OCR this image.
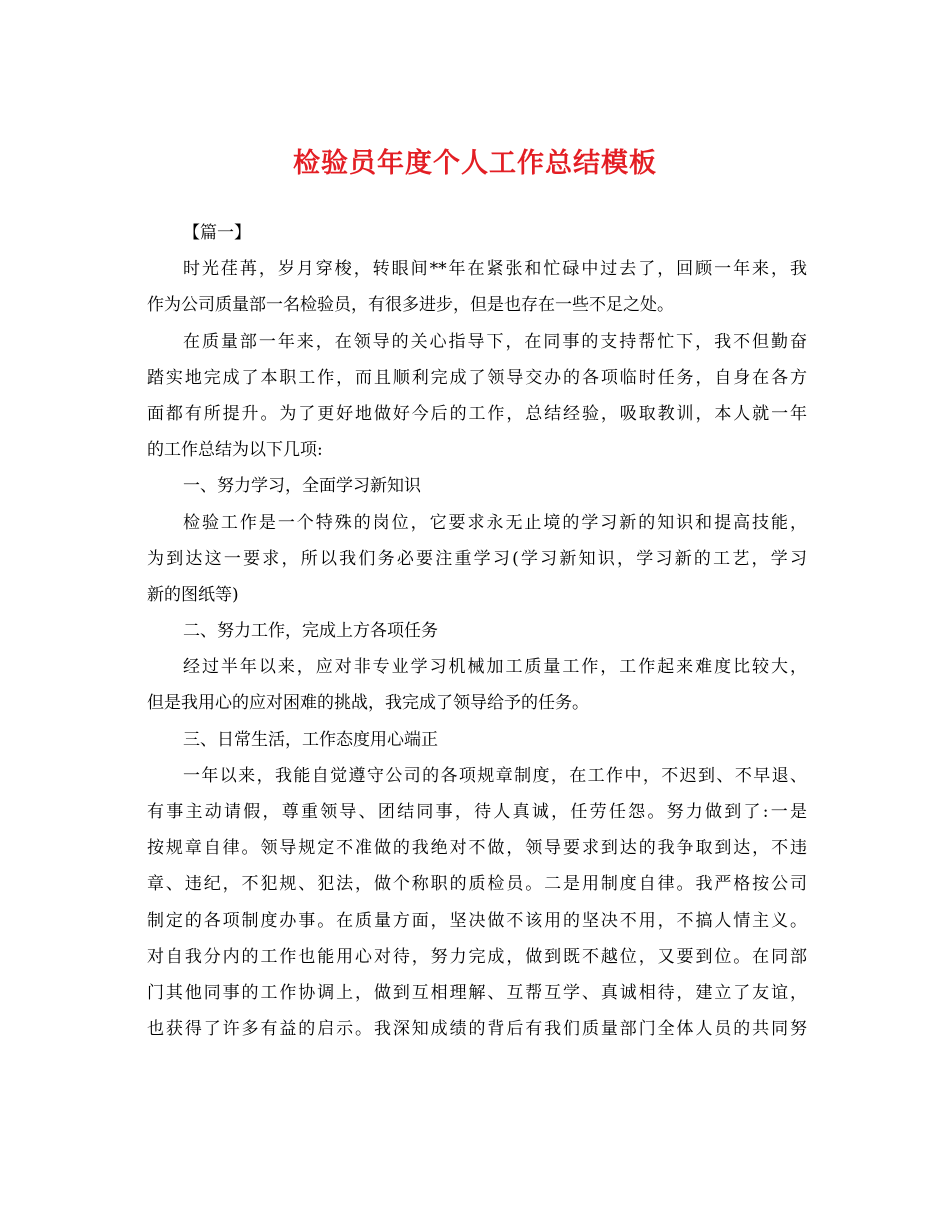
检验员年度个人工作总结模板
【篇一】
时光荏苒，岁月穿梭，转眼间**年在紧张和忙碌中过去了，回顾一年来，我
作为公司质量部一名检验员，有很多进步，但是也存在一些不足之处。
在质量部一年来，在领导的关心指导下，在同事的支持帮忙下，我不但勤奋
踏实地完成了本职工作，而且顺利完成了领导交办的各项临时任务，自身在各方
面都有所提升。为了更好地做好今后的工作，总结经验，吸取教训，本人就一年
的工作总结为以下几项:
一、努力学习，全面学习新知识
检验工作是一个特殊的岗位，它要求永无止境的学习新的知识和提高技能，
为到达这一要求，所以我们务必要注重学习(学习新知识，学习新的工艺，学习
新的图纸等)
二、努力工作，完成上方各项任务
经过半年以来，应对非专业学习机械加工质量工作，工作起来难度比较大，
但是我用心的应对困难的挑战，我完成了领导给予的任务。
三、日常生活，工作态度用心端正
一年以来，我能自觉遵守公司的各项规章制度，在工作中，不迟到、不早退、
有事主动请假，尊重领导、团结同事，待人真诚，任劳任怨。努力做到了:一是
按规章自律。领导规定不准做的我绝对不做，领导要求到达的我争取到达，不违
章、违纪，不犯规、犯法，做个称职的质检员。二是用制度自律。我严格按公司
制定的各项制度办事。在质量方面，坚决做不该用的坚决不用，不搞人情主义。
对自我分内的工作也能用心对待，努力完成，做到既不越位，又要到位。在同部
门其他同事的工作协调上，做到互相理解、互帮互学、真诚相待，建立了友谊，
也获得了许多有益的启示。我深知成绩的背后有我们质量部门全体人员的共同努
